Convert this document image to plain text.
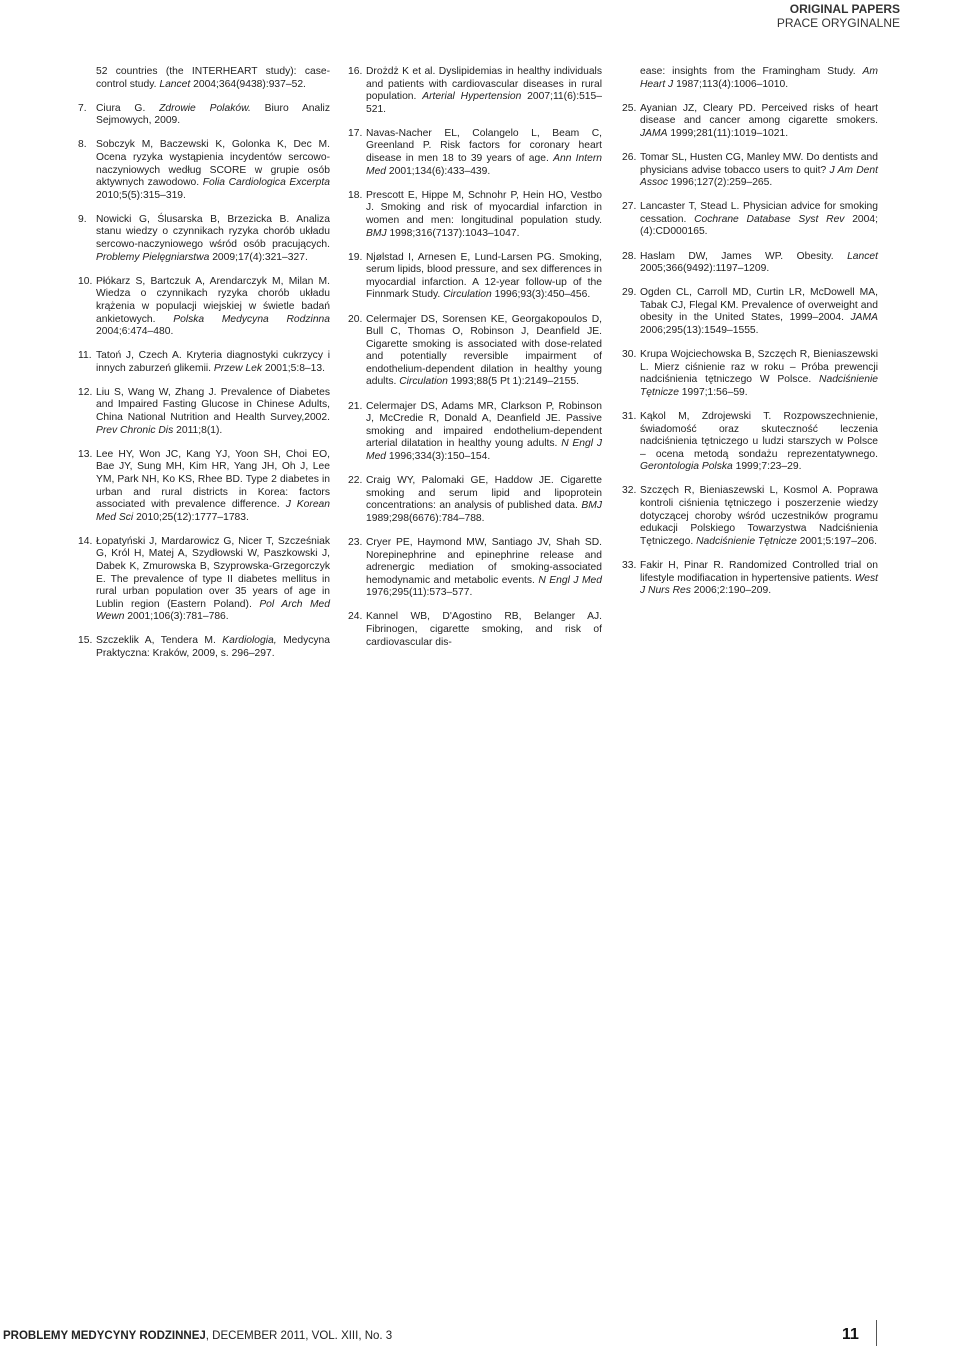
ORIGINAL PAPERS
PRACE ORYGINALNE
52 countries (the INTERHEART study): case-control study. Lancet 2004;364(9438):937–52.
7. Ciura G. Zdrowie Polaków. Biuro Analiz Sejmowych, 2009.
8. Sobczyk M, Baczewski K, Golonka K, Dec M. Ocena ryzyka wystąpienia incydentów sercowo-naczyniowych według SCORE w grupie osób aktywnych zawodowo. Folia Cardiologica Excerpta 2010;5(5):315–319.
9. Nowicki G, Ślusarska B, Brzezicka B. Analiza stanu wiedzy o czynnikach ryzyka chorób układu sercowo-naczyniowego wśród osób pracujących. Problemy Pielęgniarstwa 2009;17(4):321–327.
10. Płókarz S, Bartczuk A, Arendarczyk M, Milan M. Wiedza o czynnikach ryzyka chorób układu krążenia w populacji wiejskiej w świetle badań ankietowych. Polska Medycyna Rodzinna 2004;6:474–480.
11. Tatoń J, Czech A. Kryteria diagnostyki cukrzycy i innych zaburzeń glikemii. Przew Lek 2001;5:8–13.
12. Liu S, Wang W, Zhang J. Prevalence of Diabetes and Impaired Fasting Glucose in Chinese Adults, China National Nutrition and Health Survey,2002. Prev Chronic Dis 2011;8(1).
13. Lee HY, Won JC, Kang YJ, Yoon SH, Choi EO, Bae JY, Sung MH, Kim HR, Yang JH, Oh J, Lee YM, Park NH, Ko KS, Rhee BD. Type 2 diabetes in urban and rural districts in Korea: factors associated with prevalence difference. J Korean Med Sci 2010;25(12):1777–1783.
14. Łopatyński J, Mardarowicz G, Nicer T, Szcześniak G, Król H, Matej A, Szydłowski W, Paszkowski J, Dabek K, Zmurowska B, Szyprowska-Grzegorczyk E. The prevalence of type II diabetes mellitus in rural urban population over 35 years of age in Lublin region (Eastern Poland). Pol Arch Med Wewn 2001;106(3):781–786.
15. Szczeklik A, Tendera M. Kardiologia, Medycyna Praktyczna: Kraków, 2009, s. 296–297.
16. Drożdż K et al. Dyslipidemias in healthy individuals and patients with cardiovascular diseases in rural population. Arterial Hypertension 2007;11(6):515–521.
17. Navas-Nacher EL, Colangelo L, Beam C, Greenland P. Risk factors for coronary heart disease in men 18 to 39 years of age. Ann Intern Med 2001;134(6):433–439.
18. Prescott E, Hippe M, Schnohr P, Hein HO, Vestbo J. Smoking and risk of myocardial infarction in women and men: longitudinal population study. BMJ 1998;316(7137):1043–1047.
19. Njølstad I, Arnesen E, Lund-Larsen PG. Smoking, serum lipids, blood pressure, and sex differences in myocardial infarction. A 12-year follow-up of the Finnmark Study. Circulation 1996;93(3):450–456.
20. Celermajer DS, Sorensen KE, Georgakopoulos D, Bull C, Thomas O, Robinson J, Deanfield JE. Cigarette smoking is associated with dose-related and potentially reversible impairment of endothelium-dependent dilation in healthy young adults. Circulation 1993;88(5 Pt 1):2149–2155.
21. Celermajer DS, Adams MR, Clarkson P, Robinson J, McCredie R, Donald A, Deanfield JE. Passive smoking and impaired endothelium-dependent arterial dilatation in healthy young adults. N Engl J Med 1996;334(3):150–154.
22. Craig WY, Palomaki GE, Haddow JE. Cigarette smoking and serum lipid and lipoprotein concentrations: an analysis of published data. BMJ 1989;298(6676):784–788.
23. Cryer PE, Haymond MW, Santiago JV, Shah SD. Norepinephrine and epinephrine release and adrenergic mediation of smoking-associated hemodynamic and metabolic events. N Engl J Med 1976;295(11):573–577.
24. Kannel WB, D'Agostino RB, Belanger AJ. Fibrinogen, cigarette smoking, and risk of cardiovascular dis-
ease: insights from the Framingham Study. Am Heart J 1987;113(4):1006–1010.
25. Ayanian JZ, Cleary PD. Perceived risks of heart disease and cancer among cigarette smokers. JAMA 1999;281(11):1019–1021.
26. Tomar SL, Husten CG, Manley MW. Do dentists and physicians advise tobacco users to quit? J Am Dent Assoc 1996;127(2):259–265.
27. Lancaster T, Stead L. Physician advice for smoking cessation. Cochrane Database Syst Rev 2004;(4):CD000165.
28. Haslam DW, James WP. Obesity. Lancet 2005;366(9492):1197–1209.
29. Ogden CL, Carroll MD, Curtin LR, McDowell MA, Tabak CJ, Flegal KM. Prevalence of overweight and obesity in the United States, 1999–2004. JAMA 2006;295(13):1549–1555.
30. Krupa Wojciechowska B, Szczęch R, Bieniaszewski L. Mierz ciśnienie raz w roku – Próba prewencji nadciśnienia tętniczego W Polsce. Nadciśnienie Tętnicze 1997;1:56–59.
31. Kąkol M, Zdrojewski T. Rozpowszechnienie, świadomość oraz skuteczność leczenia nadciśnienia tętniczego u ludzi starszych w Polsce – ocena metodą sondażu reprezentatywnego. Gerontologia Polska 1999;7:23–29.
32. Szczęch R, Bieniaszewski L, Kosmol A. Poprawa kontroli ciśnienia tętniczego i poszerzenie wiedzy dotyczącej choroby wśród uczestników programu edukacji Polskiego Towarzystwa Nadciśnienia Tętniczego. Nadciśnienie Tętnicze 2001;5:197–206.
33. Fakir H, Pinar R. Randomized Controlled trial on lifestyle modifiacation in hypertensive patients. West J Nurs Res 2006;2:190–209.
PROBLEMY MEDYCYNY RODZINNEJ, DECEMBER 2011, VOL. XIII, No. 3	11
